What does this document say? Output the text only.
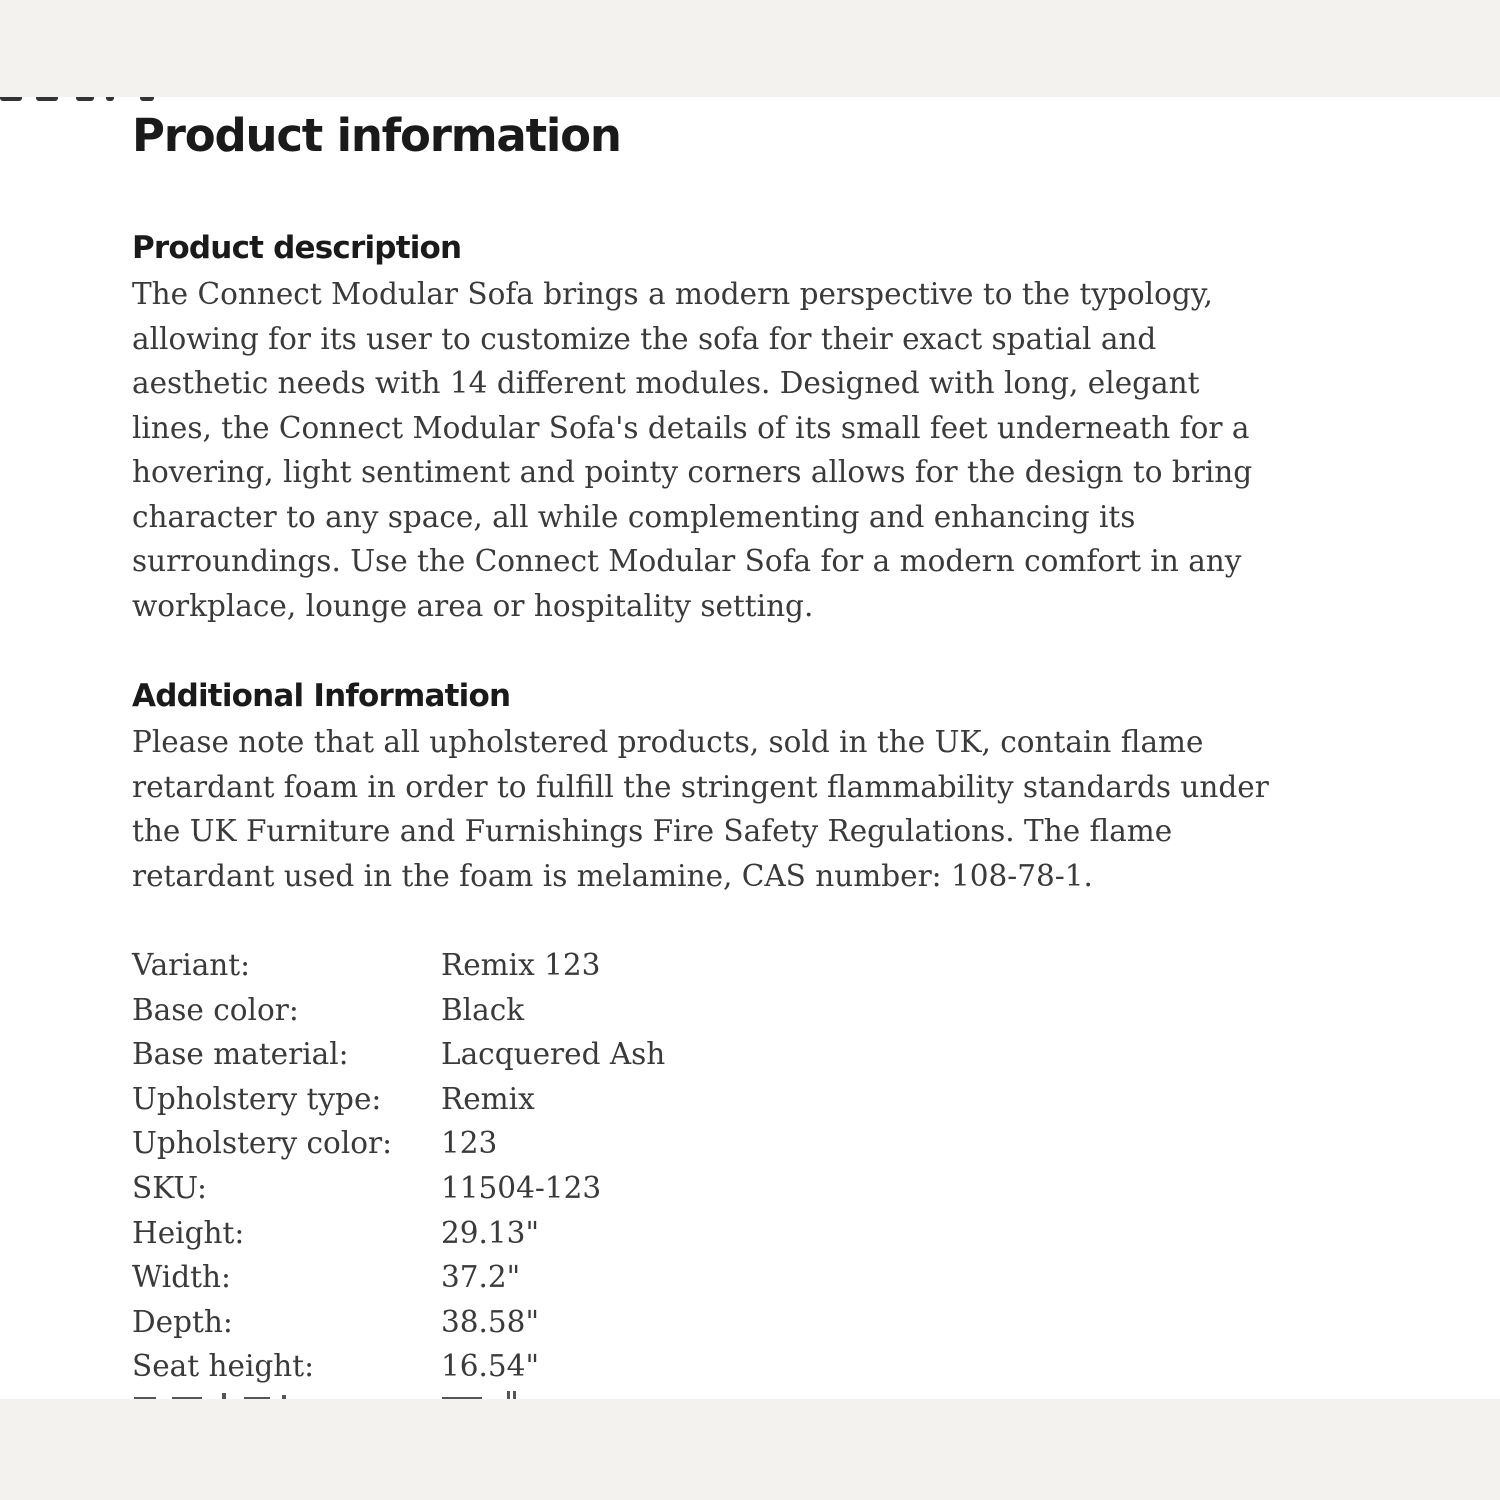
Product information
Product description

The Connect Modular Sofa brings a modern perspective to the typology,
allowing for its user to customize the sofa for their exact spatial and
aesthetic needs with 14 different modules. Designed with long, elegant
lines, the Connect Modular Sofa's details of its small feet underneath for a
hovering, light sentiment and pointy corners allows for the design to bring
character to any space, all while complementing and enhancing its
surroundings. Use the Connect Modular Sofa for a modern comfort in any
workplace, lounge area or hospitality setting.

Additional Information

Please note that all upholstered products, sold in the UK, contain flame
retardant foam in order to fulfill the stringent flammability standards under
the UK Furniture and Furnishings Fire Safety Regulations. The flame
retardant used in the foam is melamine, CAS number: 108-78-1.

Variant:	Remix 123
Base color:	Black
Base material:	Lacquered Ash
Upholstery type:	Remix
Upholstery color:	123
SKU:	11504-123
Height:	29.13"
Width:	37.2"
Depth:	38.58"
Seat height:	16.54"
